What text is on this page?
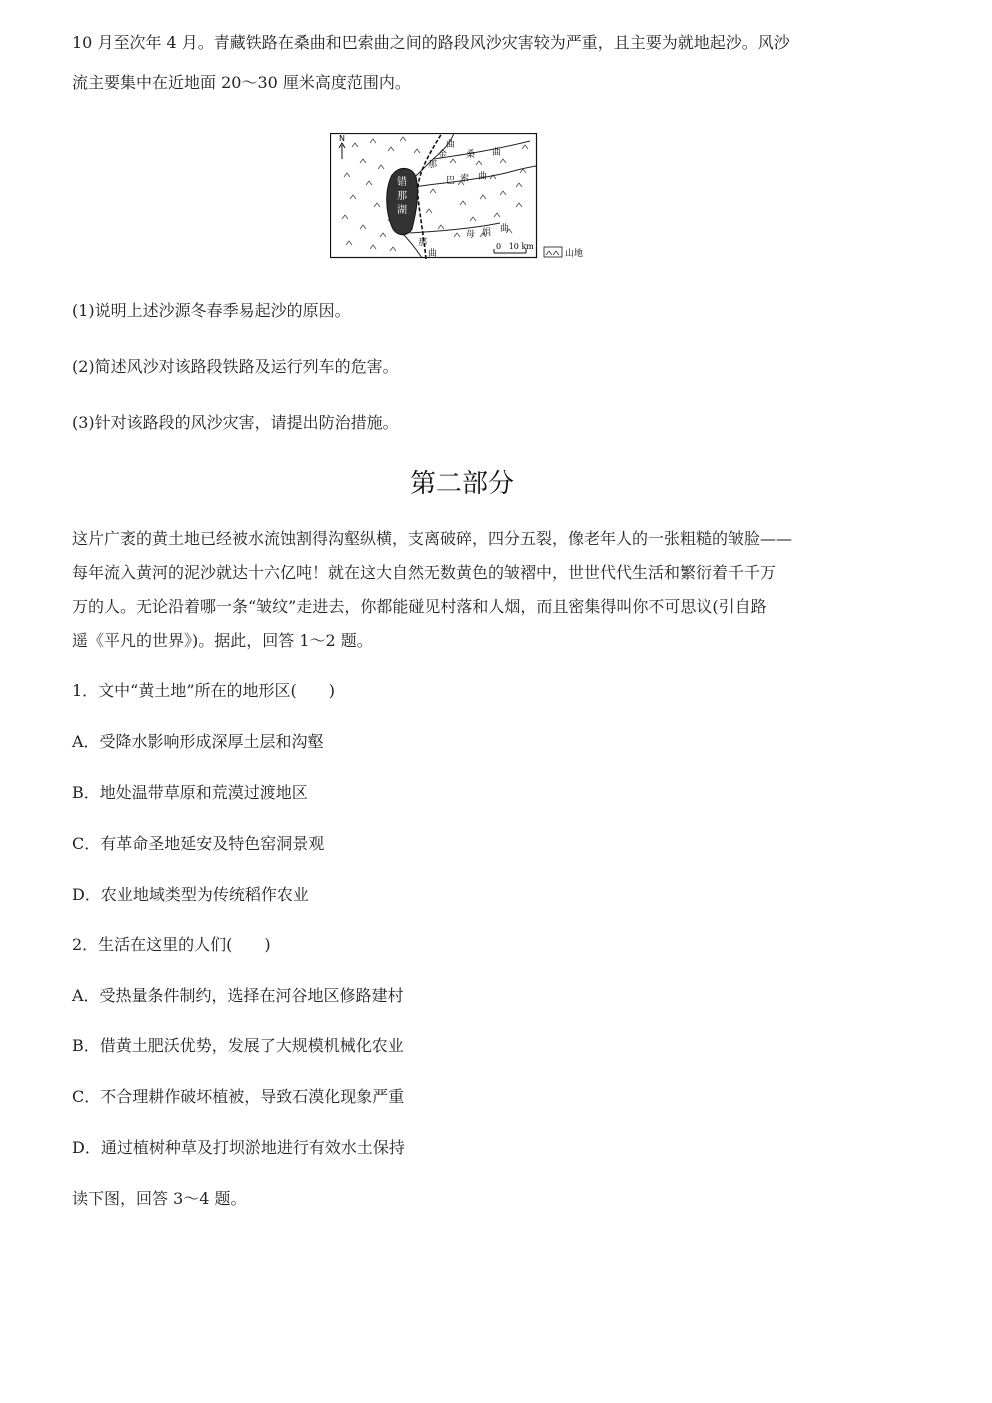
10 月至次年 4 月。青藏铁路在桑曲和巴索曲之间的路段风沙灾害较为严重，且主要为就地起沙。风沙

流主要集中在近地面 20～30 厘米高度范围内。

错
那
湖
N
曲
金 桑 曲
那
巴 索 曲
母 娟 曲
那
曲
0   10 km
山地

(1)说明上述沙源冬春季易起沙的原因。

(2)简述风沙对该路段铁路及运行列车的危害。

(3)针对该路段的风沙灾害，请提出防治措施。

第二部分

这片广袤的黄土地已经被水流蚀割得沟壑纵横，支离破碎，四分五裂，像老年人的一张粗糙的皱脸——

每年流入黄河的泥沙就达十六亿吨！就在这大自然无数黄色的皱褶中，世世代代生活和繁衍着千千万

万的人。无论沿着哪一条“皱纹”走进去，你都能碰见村落和人烟，而且密集得叫你不可思议(引自路

遥《平凡的世界》)。据此，回答 1～2 题。

1．文中“黄土地”所在的地形区(　　)

A．受降水影响形成深厚土层和沟壑

B．地处温带草原和荒漠过渡地区

C．有革命圣地延安及特色窑洞景观

D．农业地域类型为传统稻作农业

2．生活在这里的人们(　　)

A．受热量条件制约，选择在河谷地区修路建村

B．借黄土肥沃优势，发展了大规模机械化农业

C．不合理耕作破坏植被，导致石漠化现象严重

D．通过植树种草及打坝淤地进行有效水土保持

读下图，回答 3～4 题。
